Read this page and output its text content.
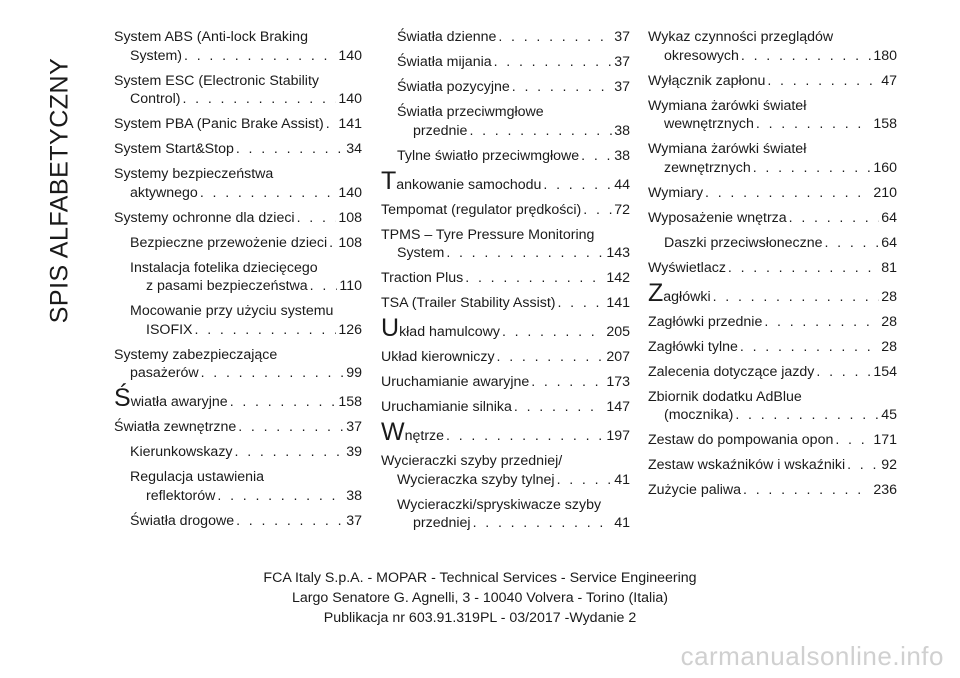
SPIS ALFABETYCZNY
System ABS (Anti-lock Braking
System) . . .	140
System ESC (Electronic Stability
Control) . . .	140
System PBA (Panic Brake Assist) . . . 141
System Start&Stop . . .	34
Systemy bezpieczeństwa
aktywnego . . .	140
Systemy ochronne dla dzieci . . .	108
Bezpieczne przewożenie dzieci . . . 108
Instalacja fotelika dziecięcego
z pasami bezpieczeństwa . . . 110
Mocowanie przy użyciu systemu
ISOFIX . . .	126
Systemy zabezpieczające
pasażerów . . .	99
Ś wiatła awaryjne . . .	158
Światła zewnętrzne . . .	37
Kierunkowskazy . . .	39
Regulacja ustawienia
reflektorów . . .	38
Światła drogowe . . .	37
Światła dzienne . . .	37
Światła mijania . . .	37
Światła pozycyjne . . .	37
Światła przeciwmgłowe
przednie . . .	38
Tylne światło przeciwmgłowe . . . 38
T ankowanie samochodu . . .	44
Tempomat (regulator prędkości) . . . 72
TPMS – Tyre Pressure Monitoring
System . . .	143
Traction Plus . . .	142
TSA (Trailer Stability Assist) . . .	141
U kład hamulcowy . . .	205
Układ kierowniczy . . .	207
Uruchamianie awaryjne . . .	173
Uruchamianie silnika . . .	147
W nętrze . . .	197
Wycieraczki szyby przedniej/
Wycieraczka szyby tylnej . . .	41
Wycieraczki/spryskiwacze szyby
przedniej . . .	41
Wykaz czynności przeglądów
okresowych . . .	180
Wyłącznik zapłonu . . .	47
Wymiana żarówki świateł
wewnętrznych . . .	158
Wymiana żarówki świateł
zewnętrznych . . .	160
Wymiary . . .	210
Wyposażenie wnętrza . . .	64
Daszki przeciwsłoneczne . . .	64
Wyświetlacz . . .	81
Z agłówki . . .	28
Zagłówki przednie . . .	28
Zagłówki tylne . . .	28
Zalecenia dotyczące jazdy . . .	154
Zbiornik dodatku AdBlue
(mocznika) . . .	45
Zestaw do pompowania opon . . .	171
Zestaw wskaźników i wskaźniki . . .	92
Zużycie paliwa . . .	236
FCA Italy S.p.A. - MOPAR - Technical Services - Service Engineering
Largo Senatore G. Agnelli, 3 - 10040 Volvera - Torino (Italia)
Publikacja nr 603.91.319PL - 03/2017 -Wydanie 2
carmanualsonline.info
